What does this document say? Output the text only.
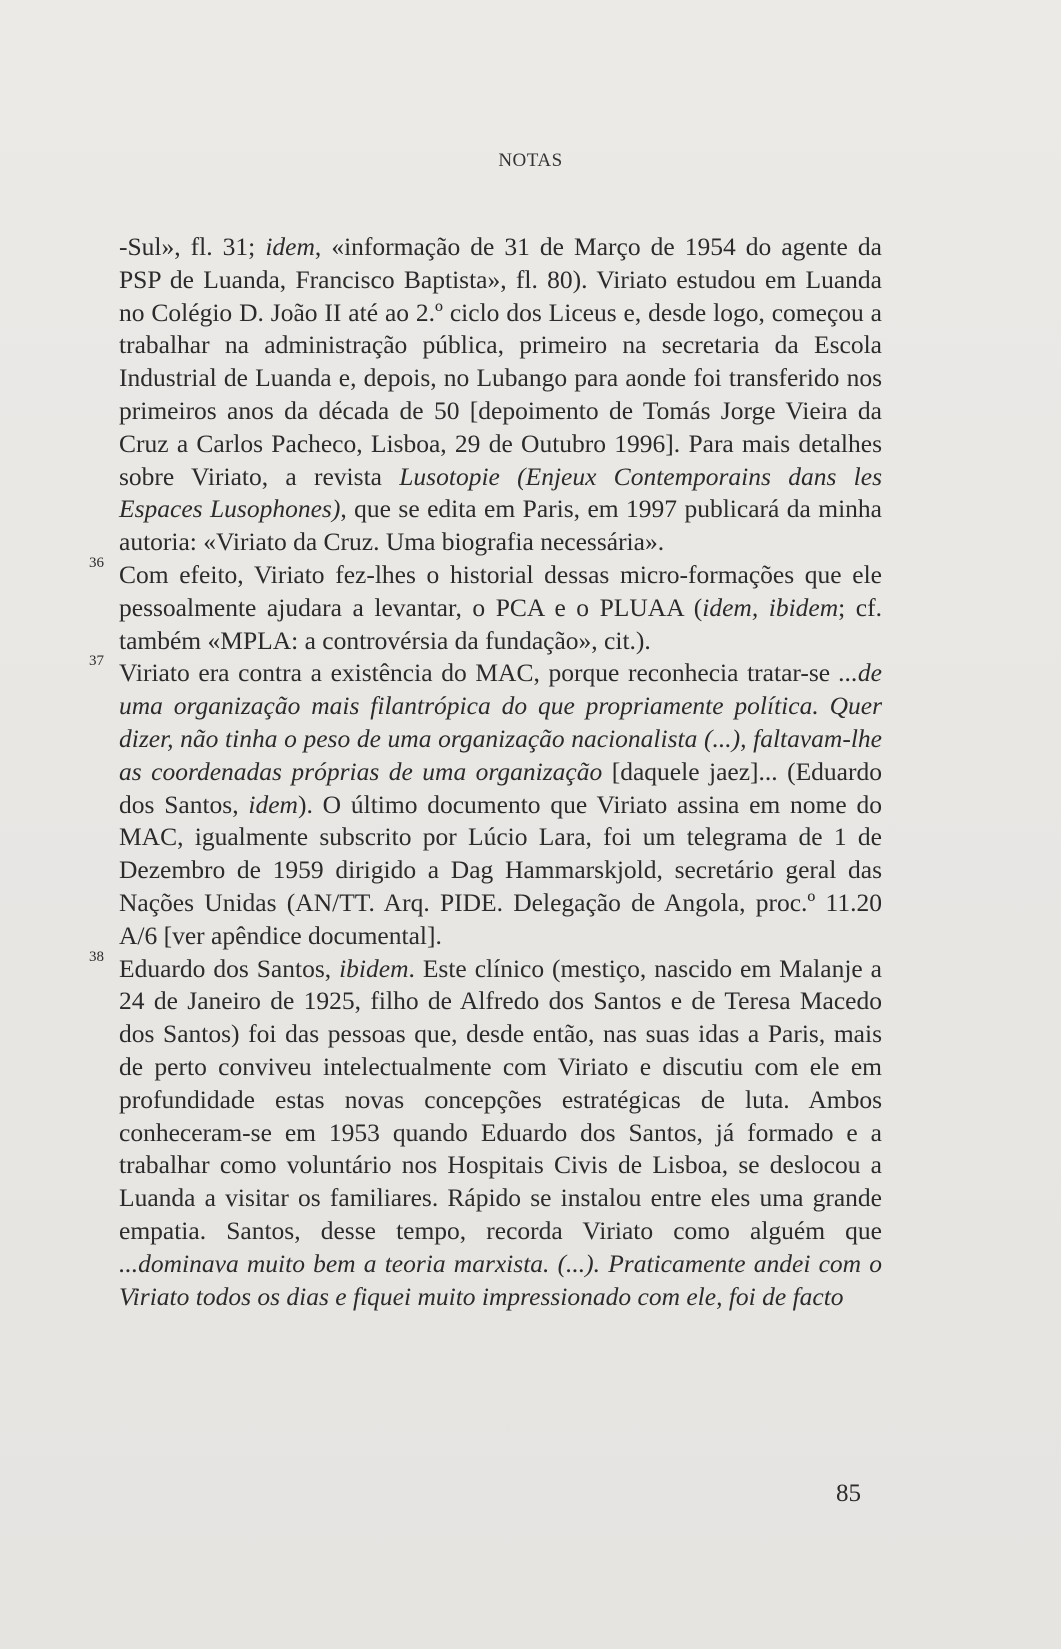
NOTAS

-Sul», fl. 31; idem, «informação de 31 de Março de 1954 do agente da PSP de Luanda, Francisco Baptista», fl. 80). Viriato estudou em Luanda no Colégio D. João II até ao 2.º ciclo dos Liceus e, desde logo, começou a trabalhar na administração pública, primeiro na secretaria da Escola Industrial de Luanda e, depois, no Lubango para aonde foi transferido nos primeiros anos da década de 50 [depoimento de Tomás Jorge Vieira da Cruz a Carlos Pacheco, Lisboa, 29 de Outubro 1996]. Para mais detalhes sobre Viriato, a revista Lusotopie (Enjeux Contemporains dans les Espaces Lusophones), que se edita em Paris, em 1997 publicará da minha autoria: «Viriato da Cruz. Uma biografia necessária».

36 Com efeito, Viriato fez-lhes o historial dessas micro-formações que ele pessoalmente ajudara a levantar, o PCA e o PLUAA (idem, ibidem; cf. também «MPLA: a controvérsia da fundação», cit.).

37 Viriato era contra a existência do MAC, porque reconhecia tratar-se ...de uma organização mais filantrópica do que propriamente política. Quer dizer, não tinha o peso de uma organização nacionalista (...), faltavam-lhe as coordenadas próprias de uma organização [daquele jaez]... (Eduardo dos Santos, idem). O último documento que Viriato assina em nome do MAC, igualmente subscrito por Lúcio Lara, foi um telegrama de 1 de Dezembro de 1959 dirigido a Dag Hammarskjold, secretário geral das Nações Unidas (AN/TT. Arq. PIDE. Delegação de Angola, proc.º 11.20 A/6 [ver apêndice documental].

38 Eduardo dos Santos, ibidem. Este clínico (mestiço, nascido em Malanje a 24 de Janeiro de 1925, filho de Alfredo dos Santos e de Teresa Macedo dos Santos) foi das pessoas que, desde então, nas suas idas a Paris, mais de perto conviveu intelectualmente com Viriato e discutiu com ele em profundidade estas novas concepções estratégicas de luta. Ambos conheceram-se em 1953 quando Eduardo dos Santos, já formado e a trabalhar como voluntário nos Hospitais Civis de Lisboa, se deslocou a Luanda a visitar os familiares. Rápido se instalou entre eles uma grande empatia. Santos, desse tempo, recorda Viriato como alguém que ...dominava muito bem a teoria marxista. (...). Praticamente andei com o Viriato todos os dias e fiquei muito impressionado com ele, foi de facto

85
